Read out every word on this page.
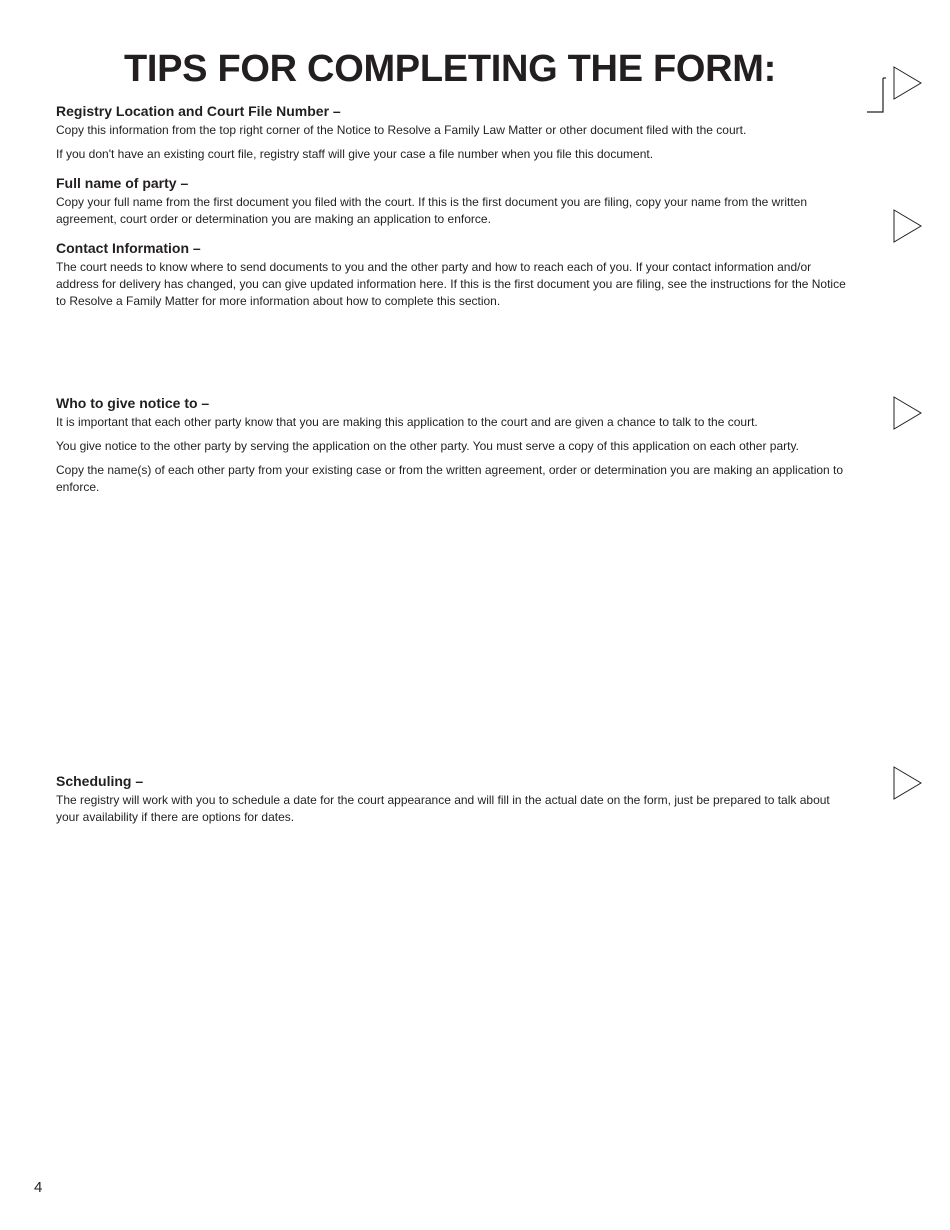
TIPS FOR COMPLETING THE FORM:
Registry Location and Court File Number –

Copy this information from the top right corner of the Notice to Resolve a Family Law Matter or other document filed with the court.

If you don't have an existing court file, registry staff will give your case a file number when you file this document.

Full name of party –

Copy your full name from the first document you filed with the court. If this is the first document you are filing, copy your name from the written agreement, court order or determination you are making an application to enforce.

Contact Information –

The court needs to know where to send documents to you and the other party and how to reach each of you. If your contact information and/or address for delivery has changed, you can give updated information here. If this is the first document you are filing, see the instructions for the Notice to Resolve a Family Matter for more information about how to complete this section.

Who to give notice to –

It is important that each other party know that you are making this application to the court and are given a chance to talk to the court.

You give notice to the other party by serving the application on the other party. You must serve a copy of this application on each other party.

Copy the name(s) of each other party from your existing case or from the written agreement, order or determination you are making an application to enforce.

Scheduling –

The registry will work with you to schedule a date for the court appearance and will fill in the actual date on the form, just be prepared to talk about your availability if there are options for dates.

4
